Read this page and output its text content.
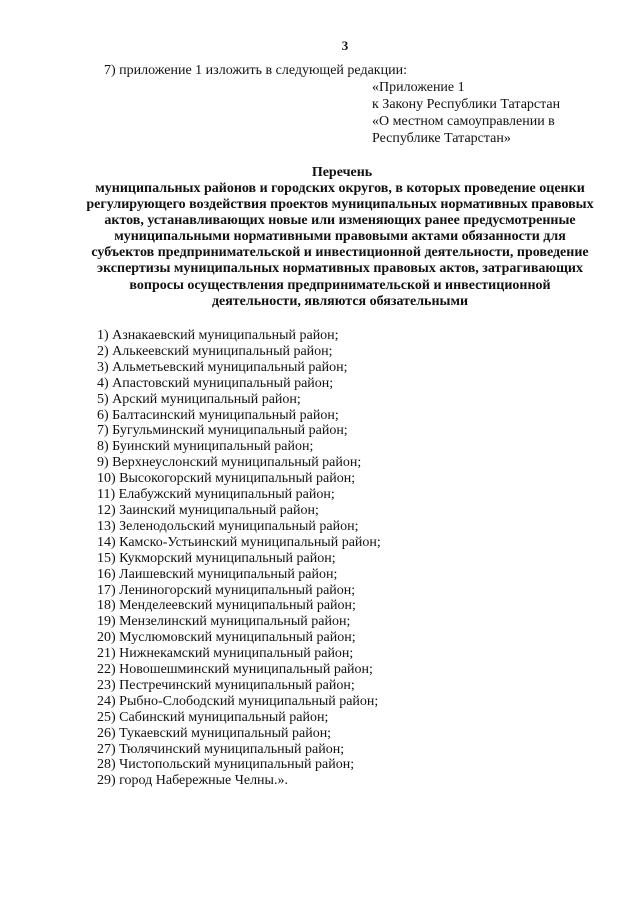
3
7) приложение 1 изложить в следующей редакции:
«Приложение 1
к Закону Республики Татарстан
«О местном самоуправлении в
Республике Татарстан»
Перечень
муниципальных районов и городских округов, в которых проведение оценки
регулирующего воздействия проектов муниципальных нормативных правовых
актов, устанавливающих новые или изменяющих ранее предусмотренные
муниципальными нормативными правовыми актами обязанности для
субъектов предпринимательской и инвестиционной деятельности, проведение
экспертизы муниципальных нормативных правовых актов, затрагивающих
вопросы осуществления предпринимательской и инвестиционной
деятельности, являются обязательными
1) Азнакаевский муниципальный район;
2) Алькеевский муниципальный район;
3) Альметьевский муниципальный район;
4) Апастовский муниципальный район;
5) Арский муниципальный район;
6) Балтасинский муниципальный район;
7) Бугульминский муниципальный район;
8) Буинский муниципальный район;
9) Верхнеуслонский муниципальный район;
10) Высокогорский муниципальный район;
11) Елабужский муниципальный район;
12) Заинский муниципальный район;
13) Зеленодольский муниципальный район;
14) Камско-Устьинский муниципальный район;
15) Кукморский муниципальный район;
16) Лаишевский муниципальный район;
17) Лениногорский муниципальный район;
18) Менделеевский муниципальный район;
19) Мензелинский муниципальный район;
20) Муслюмовский муниципальный район;
21) Нижнекамский муниципальный район;
22) Новошешминский муниципальный район;
23) Пестречинский муниципальный район;
24) Рыбно-Слободский муниципальный район;
25) Сабинский муниципальный район;
26) Тукаевский муниципальный район;
27) Тюлячинский муниципальный район;
28) Чистопольский муниципальный район;
29) город Набережные Челны.».
